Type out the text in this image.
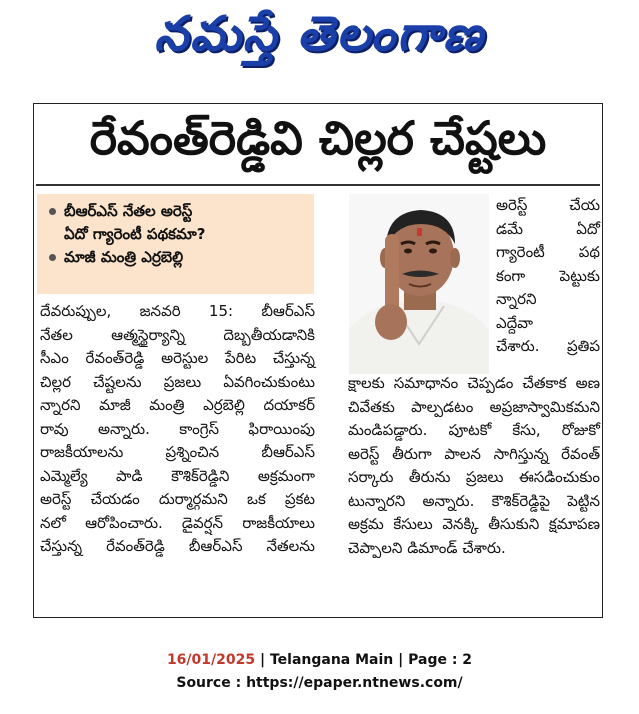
నమస్తే తెలంగాణ
రేవంత్‌రెడ్డివి చిల్లర చేష్టలు
బీఆర్‌ఎస్‌ నేతల అరెస్ట్‌
ఏదో గ్యారెంటీ పథకమా?
మాజీ మంత్రి ఎర్రబెల్లి
అరెస్ట్‌ చేయ
డమే ఏదో
గ్యారెంటీ పథ
కంగా పెట్టుకు
న్నారని
ఎద్దేవా
చేశారు. ప్రతిప
దేవరుప్పుల, జనవరి 15: బీఆర్‌ఎస్‌
నేతల ఆత్మస్థైర్యాన్ని దెబ్బతీయడానికి
సీఎం రేవంత్‌రెడ్డి అరెస్టుల పేరిట చేస్తున్న
చిల్లర చేష్టలను ప్రజలు ఏవగించుకుంటు
న్నారని మాజీ మంత్రి ఎర్రబెల్లి దయాకర్‌
రావు అన్నారు. కాంగ్రెస్‌ ఫిరాయింపు
రాజకీయాలను ప్రశ్నించిన బీఆర్‌ఎస్‌
ఎమ్మెల్యే పాడి కౌశిక్‌రెడ్డిని అక్రమంగా
అరెస్ట్‌ చేయడం దుర్మార్గమని ఒక ప్రకట
నలో ఆరోపించారు. డైవర్షన్‌ రాజకీయాలు
చేస్తున్న రేవంత్‌రెడ్డి బీఆర్‌ఎస్‌ నేతలను
క్షాలకు సమాధానం చెప్పడం చేతకాక అణ
చివేతకు పాల్పడటం అప్రజాస్వామికమని
మండిపడ్డారు. పూటకో కేసు, రోజుకో
అరెస్ట్‌ తీరుగా పాలన సాగిస్తున్న రేవంత్‌
సర్కారు తీరును ప్రజలు ఈసడించుకుం
టున్నారని అన్నారు. కౌశిక్‌రెడ్డిపై పెట్టిన
అక్రమ కేసులు వెనక్కి తీసుకుని క్షమాపణ
చెప్పాలని డిమాండ్‌ చేశారు.
16/01/2025 | Telangana Main | Page : 2
Source : https://epaper.ntnews.com/
